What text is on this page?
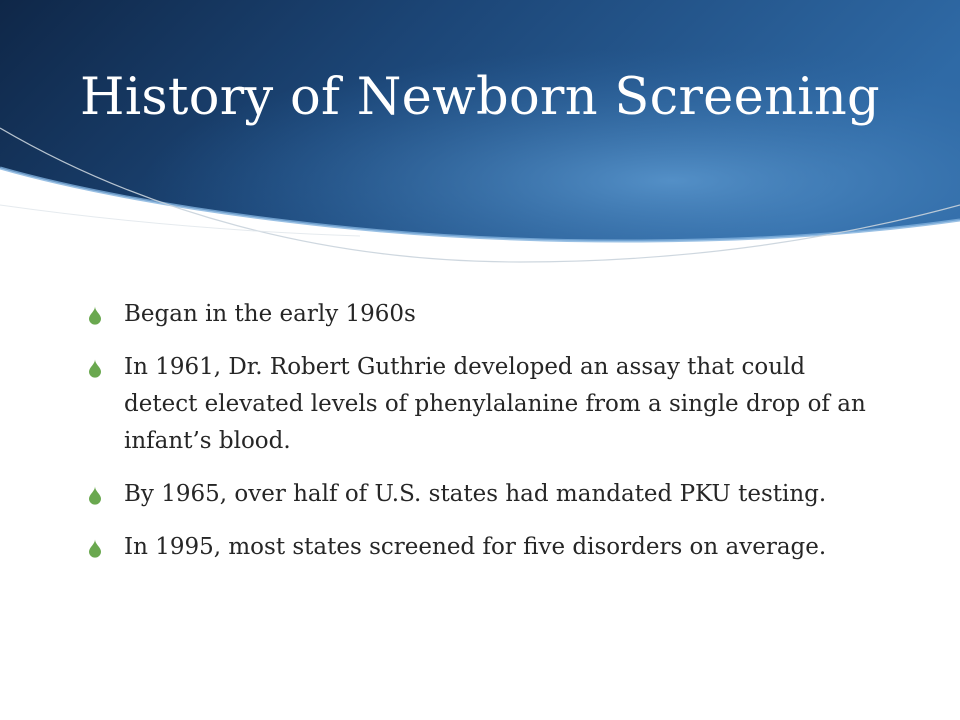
History of Newborn Screening
Began in the early 1960s
In 1961, Dr. Robert Guthrie developed an assay that could detect elevated levels of phenylalanine from a single drop of an infant’s blood.
By 1965, over half of U.S. states had mandated PKU testing.
In 1995, most states screened for five disorders on average.
